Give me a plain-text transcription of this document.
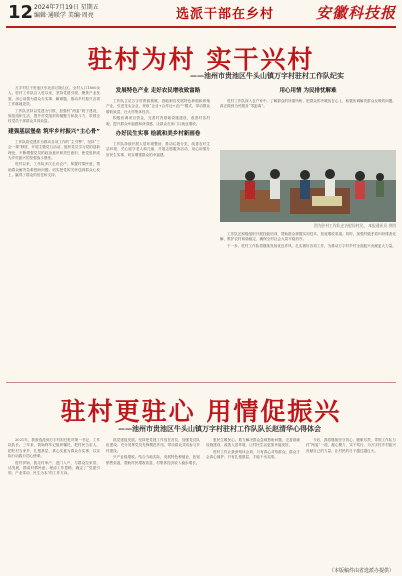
12 2024年7月19日 星期五
编辑·通联学 美编·周亮	选派干部在乡村	安徽科技报
驻村为村 实干兴村
——池州市贵池区牛头山镇万字村驻村工作队纪实

万字村位于贵池区东北部丘陵山区，全村人口1800余人。驻村工作队自入驻以来，坚持党建引领，聚焦产业发展，用心用情为群众办实事、解难题，推动乡村振兴各项工作落地见效。

工作队坚持以党建为引领，加强村“两委”班子建设，规范组织生活，提升村党组织的凝聚力和战斗力，带领全村党员干部群众共同致富。

建强基层堡垒 筑牢乡村振兴“主心骨”

工作队将党建作为推动各项工作的“主引擎”，坚持“三会一课”制度，开展主题党日活动，组织党员学习党的创新理论，不断增强党员的政治意识和责任意识，使党组织成为乡村振兴的坚强战斗堡垒。

驻村以来，工作队多次走访农户，掌握村情民意，帮助群众解决急难愁盼问题，切实把党的关怀送到群众心坎上，赢得了群众的信任和支持。

发展特色产业 走好农民增收致富路

工作队立足万字村资源禀赋，因地制宜发展特色种植和养殖产业，引进龙头企业，采取“企业+合作社+农户”模式，带动群众增收致富，壮大村集体经济。

积极协调项目资金，完善村内基础设施建设，改善村容村貌，提升群众幸福感和获得感，让群众在家门口就业增收。

办好民生实事 绘就和美乡村新画卷

工作队持续开展人居环境整治，推动垃圾分类，改善农村生活环境；关心留守老人和儿童，开展志愿服务活动，用心用情办好民生实事，切实增强群众的幸福感。

用心用情 为民排忧解难

驻村工作队深入农户家中，了解群众的所需所盼，把群众的冷暖放在心上，积极协调解决群众反映的问题，真正做到为民服务“零距离”。

图为驻村工作队走访慰问村民。 本报通讯员 供图

工作队还积极组织开展技能培训，帮助群众掌握实用技术，拓宽增收渠道。同时，加强村级矛盾纠纷排查化解，维护农村和谐稳定，确保全村社会大局平稳有序。

下一步，驻村工作队将继续发扬优良作风，扎实做好各项工作，为推动万字村乡村全面振兴贡献更大力量。

驻村更驻心 用情促振兴
——池州市贵池区牛头山镇万字村驻村工作队队长赵清华心得体会

2021年，我被选派到万字村担任驻村第一书记、工作队队长。三年来，我始终牢记组织嘱托，把村民当亲人，把驻村当家乡，扎根基层，真心实意为群众办实事，以实际行动践行初心使命。

驻村伊始，我走村串户、进门入户，与群众拉家常、话发展，摸清村情民意，理清工作思路，确定了“党建引领、产业带动、民生为本”的工作方向。

抓党建促发展。坚持把党建工作放在首位，加强党员队伍建设，充分发挥党员先锋模范作用，带动群众共同参与乡村建设。

兴产业促增收。结合当地实际，发展特色种植业，拓宽销售渠道，帮助村民增收致富，村集体经济收入稳步增长。

惠民生暖民心。着力解决群众急难愁盼问题，完善基础设施建设，改善人居环境，让村民生活更加幸福美好。

驻村工作让我深刻体会到，只有真心对待群众，群众才会真心拥护；只有扎根基层，才能干出实绩。

今后，我将继续坚守初心，履职尽责，带领工作队与村“两委”一道，凝心聚力、实干笃行，为万字村乡村振兴贡献自己的力量，让村民的日子越过越红火。

（本版稿件由省选派办提供）
